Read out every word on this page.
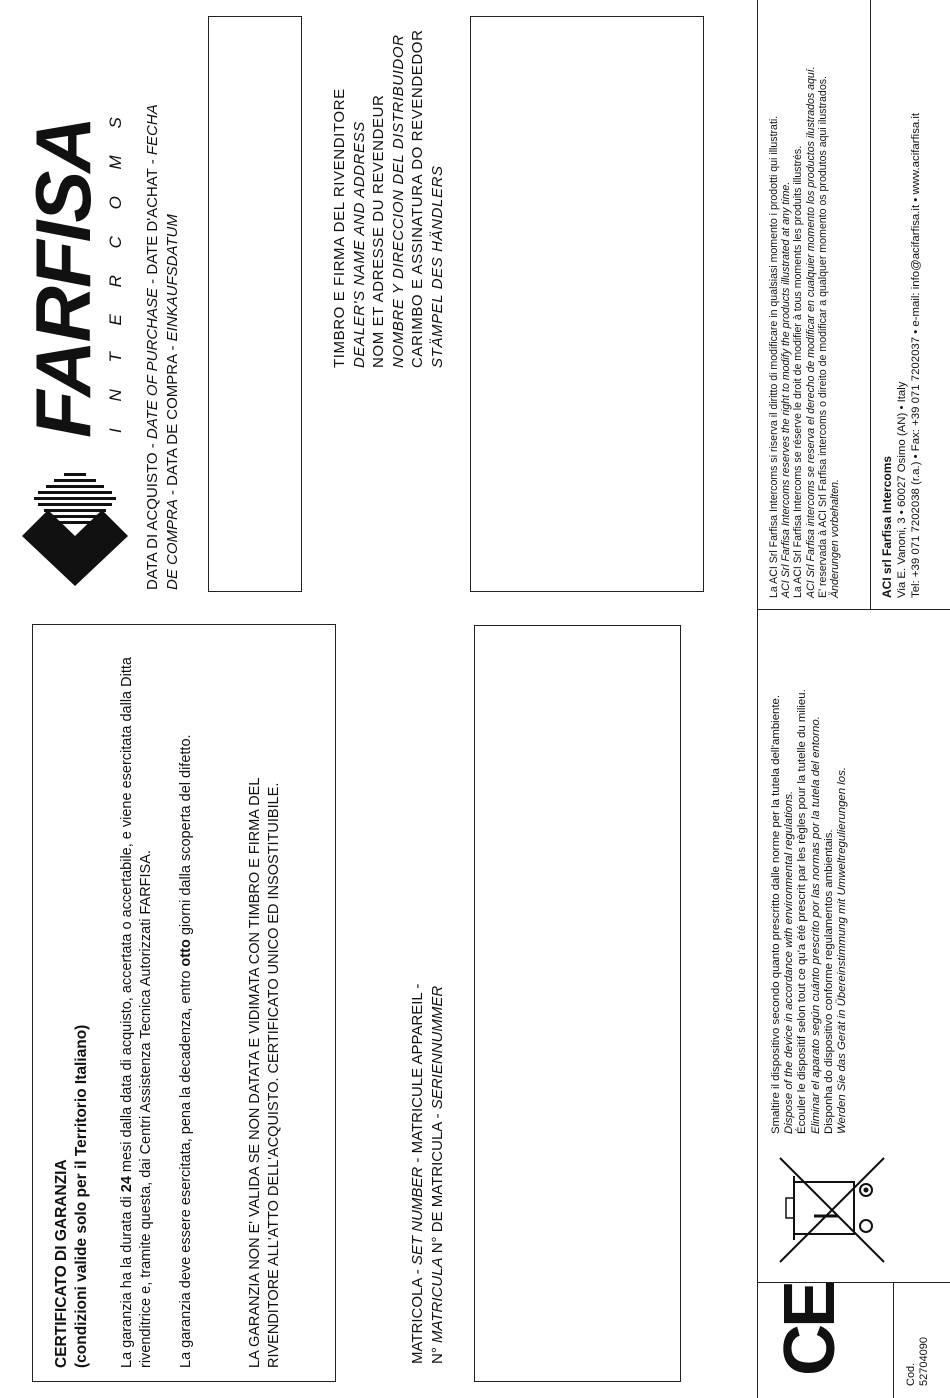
CERTIFICATO DI GARANZIA (condizioni valide solo per il Territorio Italiano) La garanzia ha la durata di 24 mesi dalla data di acquisto, accertata o accertabile, e viene esercitata dalla Ditta rivenditrice e, tramite questa, dai Centri Assistenza Tecnica Autorizzati FARFISA. La garanzia deve essere esercitata, pena la decadenza, entro otto giorni dalla scoperta del difetto.	LA GARANZIA NON E' VALIDA SE NON DATATA E VIDIMATA CON TIMBRO E FIRMA DEL RIVENDITORE ALL'ATTO DELL'ACQUISTO. CERTIFICATO UNICO ED INSOSTITUIBILE.	MATRICOLA - SET NUMBER - MATRICULE APPAREIL -
N° MATRICULA N° DE MATRICULA - SERIENNUMMER
FARFISA I N T E R C O M S
DATA DI ACQUISTO - DATE OF PURCHASE - DATE D'ACHAT - FECHA
DE COMPRA - DATA DE COMPRA - EINKAUFSDATUM	TIMBRO E FIRMA DEL RIVENDITORE DEALER'S NAME AND ADDRESS NOM ET ADRESSE DU REVENDEUR NOMBRE Y DIRECCION DEL DISTRIBUIDOR CARIMBO E ASSINATURA DO REVENDEDOR STÄMPEL DES HÄNDLERS
CE	Cod. 52704090
Smaltire il dispositivo secondo quanto prescritto dalle norme per la tutela dell'ambiente. Dispose of the device in accordance with environmental regulations. Écouler le dispositif selon tout ce qu'a été prescrit par les règles pour la tutelle du milieu. Eliminar el aparato según cuánto prescrito por las normas por la tutela del entorno. Disponha do dispositivo conforme regulamentos ambientais. Werden Sie das Gerät in Übereinstimmung mit Umweltregulierungen los.
La ACI Srl Farfisa Intercoms si riserva il diritto di modificare in qualsiasi momento i prodotti qui illustrati. ACI Srl Farfisa Intercoms reserves the right to modify the products illustrated at any time. La ACI Srl Farfisa Intercoms se réserve le droit de modifier à tous moments les produits illustrés. ACI Srl Farfisa intercoms se reserva el derecho de modificar en cualquier momento los productos ilustrados aquí. E' reservada à ACI Srl Farfisa intercoms o direito de modificar a qualquer momento os produtos aqui ilustrados. Änderungen vorbehalten.	ACI srl Farfisa Intercoms Via E. Vanoni, 3 • 60027 Osimo (AN) • Italy Tel: +39 071 7202038 (r.a.) • Fax: +39 071 7202037 • e-mail: info@acifarfisa.it • www.acifarfisa.it
